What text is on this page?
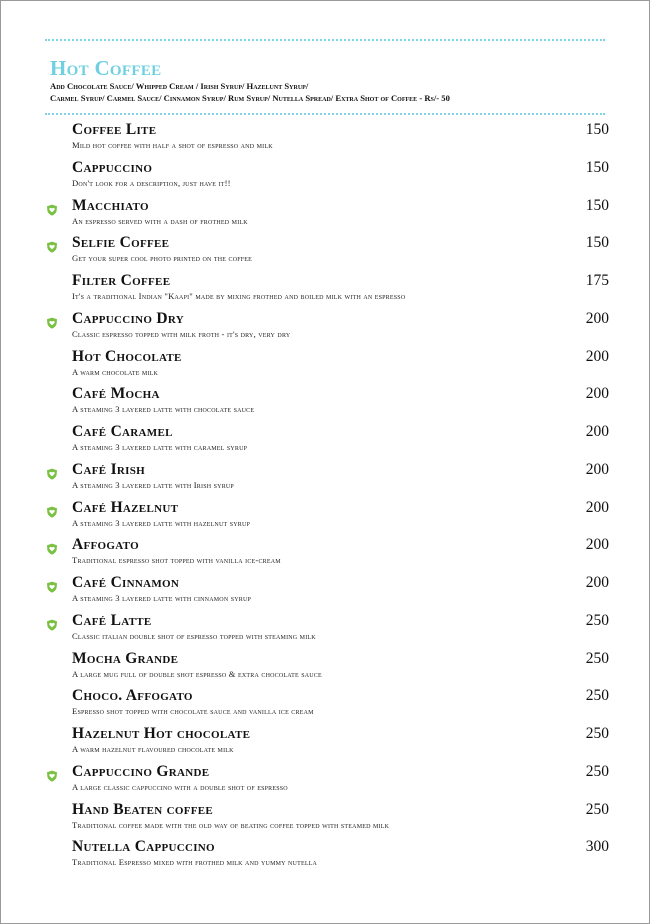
Hot Coffee
Add Chocolate Sauce/ Whipped Cream / Irish Syrup/ Hazelunt Syrup/
Carmel Syrup/ Carmel Sauce/ Cinnamon Syrup/ Rum Syrup/ Nutella Spread/ Extra Shot of Coffee - Rs/- 50
Coffee Lite
Mild hot coffee with half a shot of espresso and milk
150
Cappuccino
Don't look for a description, just have it!!
150
Macchiato
An espresso served with a dash of frothed milk
150
Selfie Coffee
Get your super cool photo printed on the coffee
150
Filter Coffee
It's a traditional Indian "Kaapi" made by mixing frothed and boiled milk with an espresso
175
Cappuccino Dry
Classic espresso topped with milk froth - it's dry, very dry
200
Hot Chocolate
A warm chocolate milk
200
Café Mocha
A steaming 3 layered latte with chocolate sauce
200
Café Caramel
A steaming 3 layered latte with caramel syrup
200
Café Irish
A steaming 3 layered latte with Irish syrup
200
Café Hazelnut
A steaming 3 layered latte with hazelnut syrup
200
Affogato
Traditional espresso shot topped with vanilla ice-cream
200
Café Cinnamon
A steaming 3 layered latte with cinnamon syrup
200
Café Latte
Classic italian double shot of espresso topped with steaming milk
250
Mocha Grande
A large mug full of double shot espresso & extra chocolate sauce
250
Choco. Affogato
Espresso shot topped with chocolate sauce and vanilla ice cream
250
Hazelnut Hot chocolate
A warm hazelnut flavoured chocolate milk
250
Cappuccino Grande
A large classic cappuccino with a double shot of espresso
250
Hand Beaten coffee
Traditional coffee made with the old way of beating coffee topped with steamed milk
250
Nutella Cappuccino
Traditional Espresso mixed with frothed milk and yummy nutella
300
